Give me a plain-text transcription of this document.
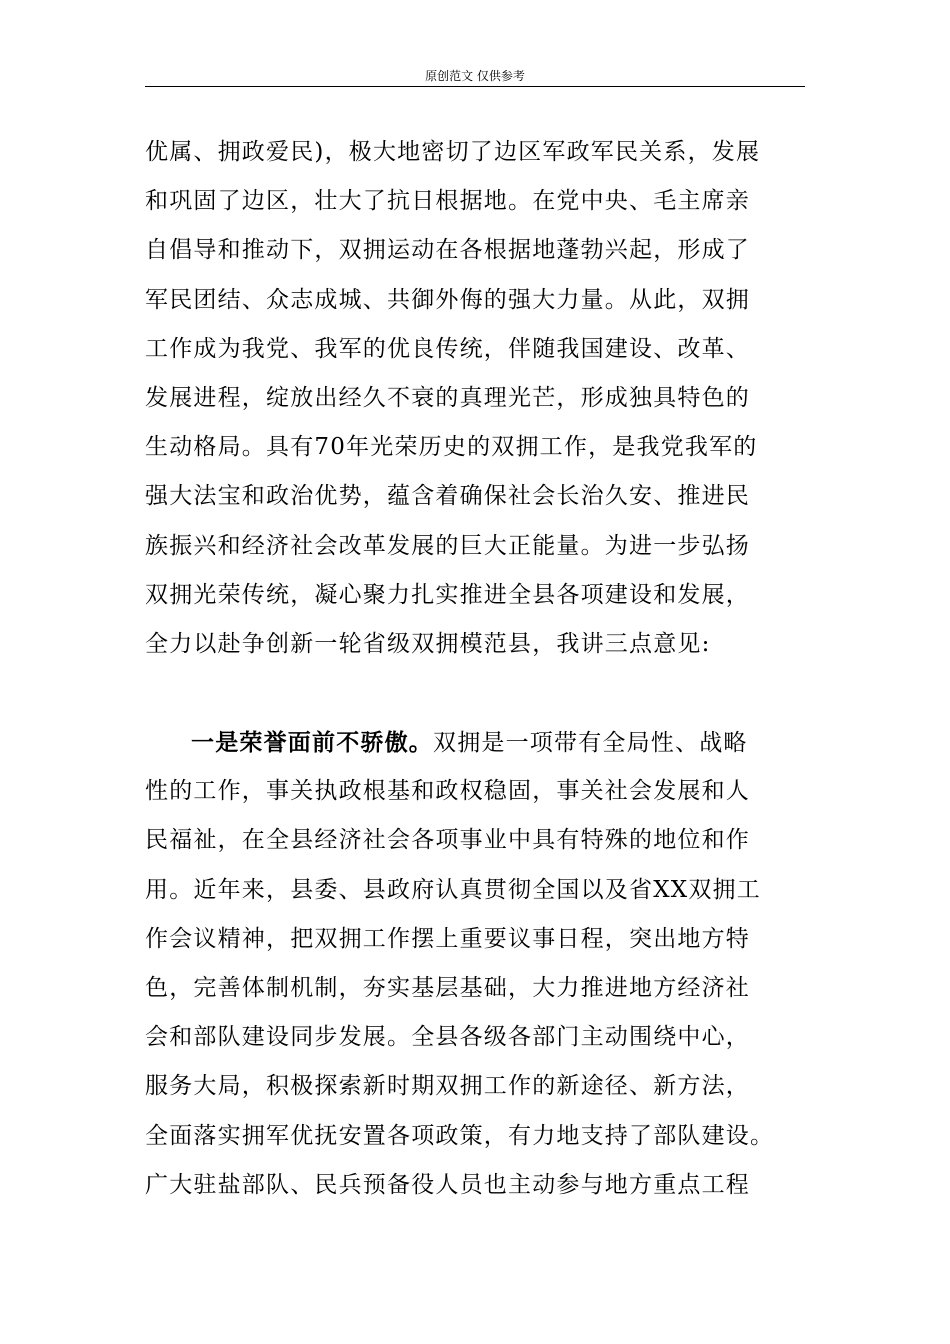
原创范文 仅供参考
优属、拥政爱民)，极大地密切了边区军政军民关系，发展
和巩固了边区，壮大了抗日根据地。在党中央、毛主席亲
自倡导和推动下，双拥运动在各根据地蓬勃兴起，形成了
军民团结、众志成城、共御外侮的强大力量。从此，双拥
工作成为我党、我军的优良传统，伴随我国建设、改革、
发展进程，绽放出经久不衰的真理光芒，形成独具特色的
生动格局。具有70年光荣历史的双拥工作，是我党我军的
强大法宝和政治优势，蕴含着确保社会长治久安、推进民
族振兴和经济社会改革发展的巨大正能量。为进一步弘扬
双拥光荣传统，凝心聚力扎实推进全县各项建设和发展，
全力以赴争创新一轮省级双拥模范县，我讲三点意见:
一是荣誉面前不骄傲。双拥是一项带有全局性、战略
性的工作，事关执政根基和政权稳固，事关社会发展和人
民福祉，在全县经济社会各项事业中具有特殊的地位和作
用。近年来，县委、县政府认真贯彻全国以及省XX双拥工
作会议精神，把双拥工作摆上重要议事日程，突出地方特
色，完善体制机制，夯实基层基础，大力推进地方经济社
会和部队建设同步发展。全县各级各部门主动围绕中心，
服务大局，积极探索新时期双拥工作的新途径、新方法，
全面落实拥军优抚安置各项政策，有力地支持了部队建设。
广大驻盐部队、民兵预备役人员也主动参与地方重点工程
